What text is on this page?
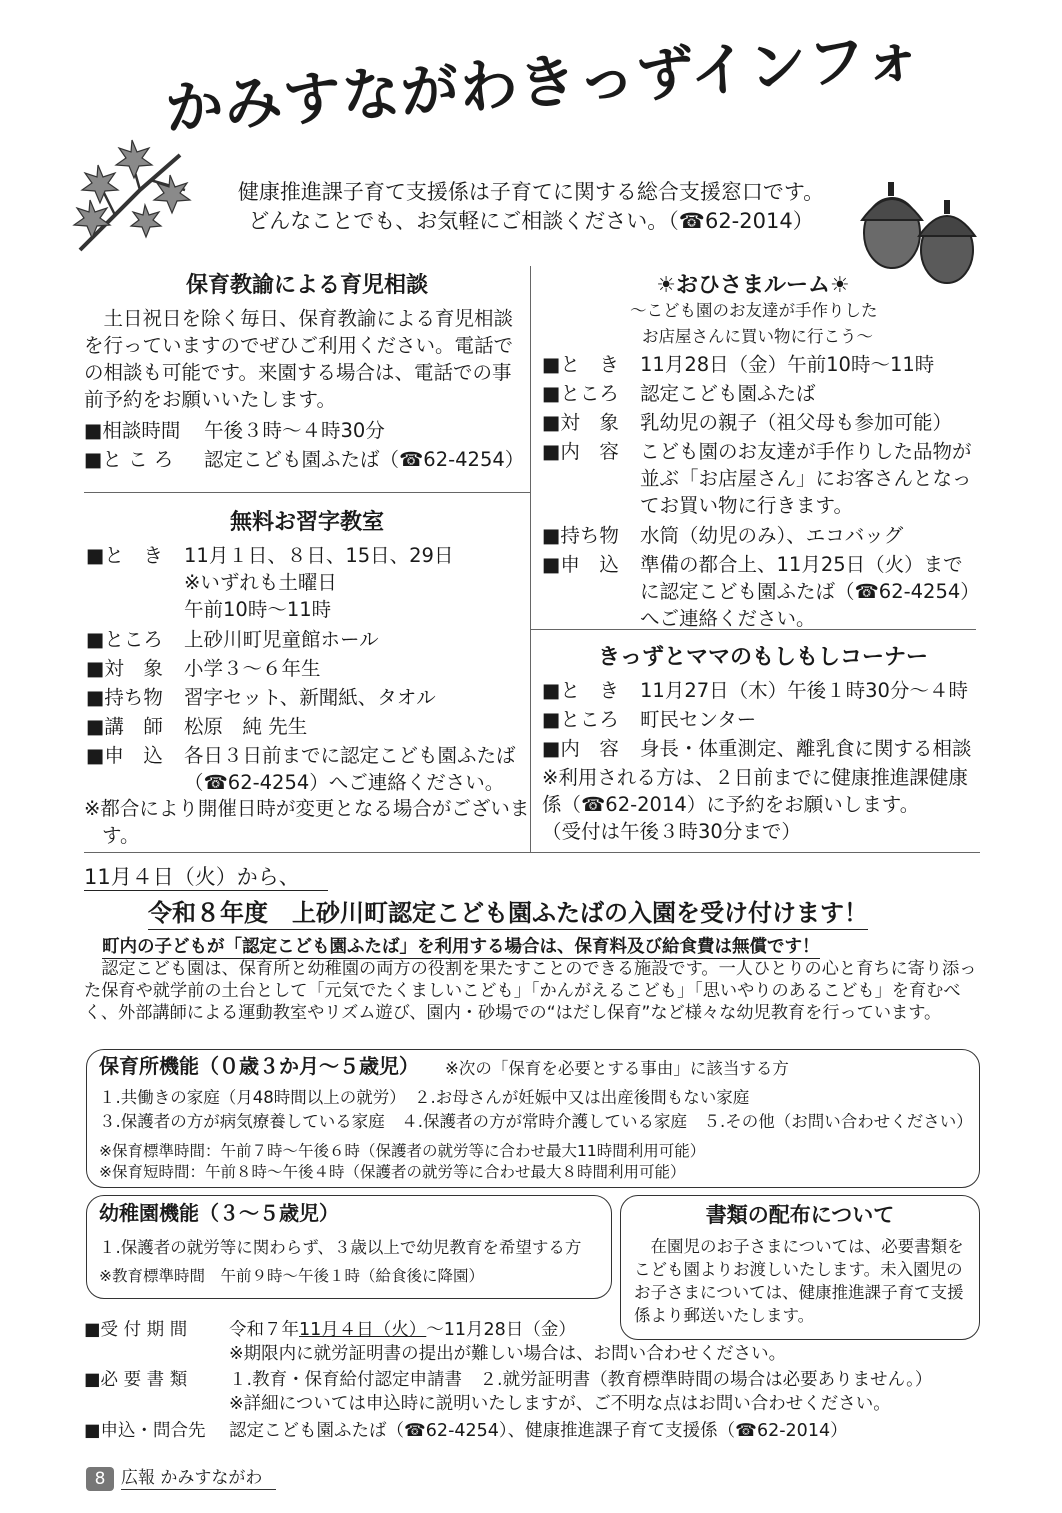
かみすながわきっずインフォ
健康推進課子育て支援係は子育てに関する総合支援窓口です。
どんなことでも、お気軽にご相談ください。（☎62-2014）
保育教諭による育児相談
　土日祝日を除く毎日、保育教諭による育児相談を行っていますのでぜひご利用ください。電話での相談も可能です。来園する場合は、電話での事前予約をお願いいたします。
■相談時間	午後３時～４時30分
■と こ ろ	認定こども園ふたば（☎62-4254）
無料お習字教室
■と　き	11月１日、８日、15日、29日
※いずれも土曜日
午前10時～11時
■ところ	上砂川町児童館ホール
■対　象	小学３～６年生
■持ち物	習字セット、新聞紙、タオル
■講　師	松原　純 先生
■申　込	各日３日前までに認定こども園ふたば（☎62-4254）へご連絡ください。
※都合により開催日時が変更となる場合がございます。
☀おひさまルーム☀
～こども園のお友達が手作りした
お店屋さんに買い物に行こう～
■と　き	11月28日（金）午前10時～11時
■ところ	認定こども園ふたば
■対　象	乳幼児の親子（祖父母も参加可能）
■内　容	こども園のお友達が手作りした品物が並ぶ「お店屋さん」にお客さんとなってお買い物に行きます。
■持ち物	水筒（幼児のみ）、エコバッグ
■申　込	準備の都合上、11月25日（火）までに認定こども園ふたば（☎62-4254）へご連絡ください。
きっずとママのもしもしコーナー
■と　き	11月27日（木）午後１時30分～４時
■ところ	町民センター
■内　容	身長・体重測定、離乳食に関する相談
※利用される方は、２日前までに健康推進課健康係（☎62-2014）に予約をお願いします。
（受付は午後３時30分まで）
11月４日（火）から、
令和８年度　上砂川町認定こども園ふたばの入園を受け付けます！
町内の子どもが「認定こども園ふたば」を利用する場合は、保育料及び給食費は無償です！
　認定こども園は、保育所と幼稚園の両方の役割を果たすことのできる施設です。一人ひとりの心と育ちに寄り添った保育や就学前の土台として「元気でたくましいこども」「かんがえるこども」「思いやりのあるこども」を育むべく、外部講師による運動教室やリズム遊び、園内・砂場での“はだし保育”など様々な幼児教育を行っています。
保育所機能（０歳３か月～５歳児） ※次の「保育を必要とする事由」に該当する方
１.共働きの家庭（月48時間以上の就労）　２.お母さんが妊娠中又は出産後間もない家庭
３.保護者の方が病気療養している家庭　４.保護者の方が常時介護している家庭　５.その他（お問い合わせください）
※保育標準時間：午前７時～午後６時（保護者の就労等に合わせ最大11時間利用可能）
※保育短時間：午前８時～午後４時（保護者の就労等に合わせ最大８時間利用可能）
幼稚園機能（３～５歳児）
１.保護者の就労等に関わらず、３歳以上で幼児教育を希望する方
※教育標準時間　午前９時～午後１時（給食後に降園）
書類の配布について
　在園児のお子さまについては、必要書類をこども園よりお渡しいたします。未入園児のお子さまについては、健康推進課子育て支援係より郵送いたします。
■受 付 期 間	令和７年 11月４日（火） ～11月28日（金）
※期限内に就労証明書の提出が難しい場合は、お問い合わせください。
■必 要 書 類	１.教育・保育給付認定申請書　２.就労証明書（教育標準時間の場合は必要ありません。）
※詳細については申込時に説明いたしますが、ご不明な点はお問い合わせください。
■申込・問合先	認定こども園ふたば（☎62-4254）、健康推進課子育て支援係（☎62-2014）
8 広報 かみすながわ
